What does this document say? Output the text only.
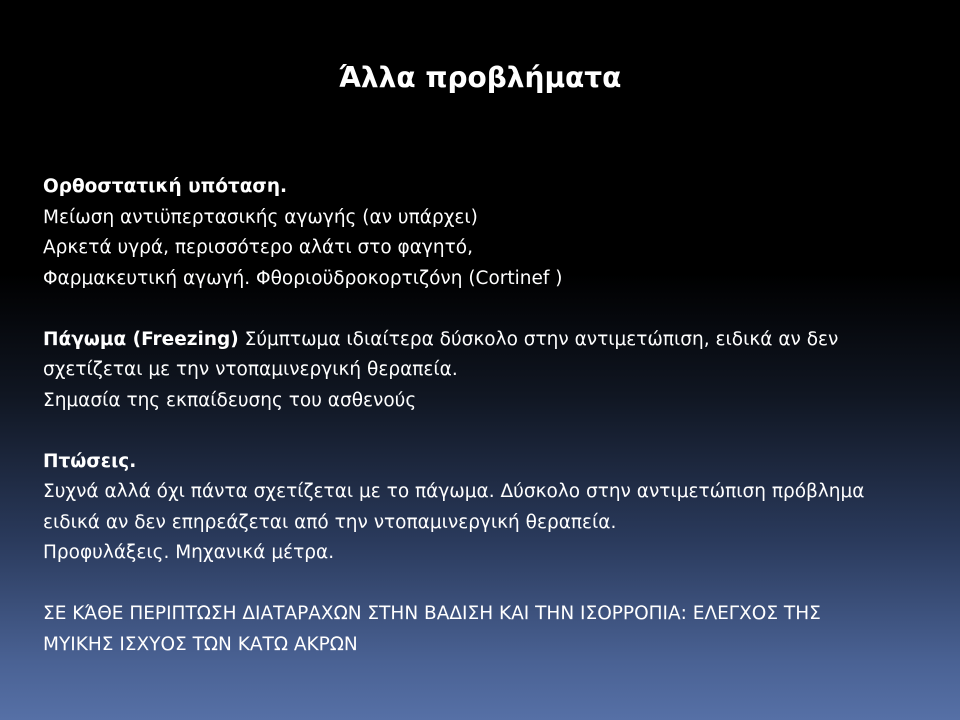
Άλλα προβλήματα
Ορθοστατική υπόταση.
Μείωση αντιϋπερτασικής αγωγής (αν υπάρχει)
Αρκετά υγρά, περισσότερο αλάτι στο φαγητό,
Φαρμακευτική αγωγή. Φθοριοϋδροκορτιζόνη (Cortinef )
Πάγωμα (Freezing) Σύμπτωμα ιδιαίτερα δύσκολο στην αντιμετώπιση, ειδικά αν δεν
σχετίζεται με την ντοπαμινεργική θεραπεία.
Σημασία της εκπαίδευσης του ασθενούς
Πτώσεις.
Συχνά αλλά όχι πάντα σχετίζεται με το πάγωμα. Δύσκολο στην αντιμετώπιση πρόβλημα
ειδικά αν δεν επηρεάζεται από την ντοπαμινεργική θεραπεία.
Προφυλάξεις. Μηχανικά μέτρα.
ΣΕ ΚΆΘΕ ΠΕΡΙΠΤΩΣΗ ΔΙΑΤΑΡΑΧΩΝ ΣΤΗΝ ΒΑΔΙΣΗ ΚΑΙ ΤΗΝ ΙΣΟΡΡΟΠΙΑ: ΕΛΕΓΧΟΣ ΤΗΣ
ΜΥΙΚΗΣ ΙΣΧΥΟΣ ΤΩΝ ΚΑΤΩ ΑΚΡΩΝ
